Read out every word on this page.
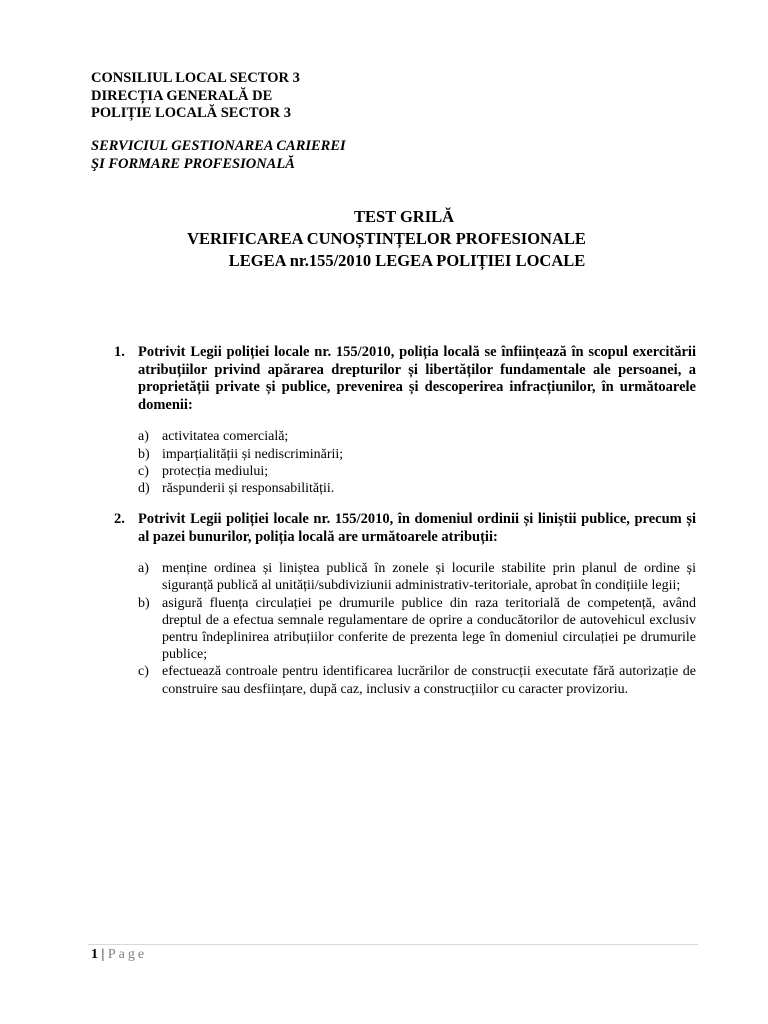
CONSILIUL LOCAL SECTOR 3
DIRECȚIA GENERALĂ DE
POLIȚIE LOCALĂ SECTOR 3
SERVICIUL GESTIONAREA CARIEREI
ŞI FORMARE PROFESIONALĂ
TEST GRILĂ
VERIFICAREA CUNOȘTINȚELOR PROFESIONALE
LEGEA nr.155/2010 LEGEA POLIȚIEI LOCALE
1. Potrivit Legii poliției locale nr. 155/2010, poliția locală se înființează în scopul exercitării atribuțiilor privind apărarea drepturilor și libertăților fundamentale ale persoanei, a proprietății private și publice, prevenirea și descoperirea infracțiunilor, în următoarele domenii:
a) activitatea comercială;
b) imparțialității și nediscriminării;
c) protecția mediului;
d) răspunderii și responsabilității.
2. Potrivit Legii poliției locale nr. 155/2010, în domeniul ordinii și liniștii publice, precum și al pazei bunurilor, poliția locală are următoarele atribuții:
a) menține ordinea și liniștea publică în zonele și locurile stabilite prin planul de ordine și siguranță publică al unității/subdiviziunii administrativ-teritoriale, aprobat în condițiile legii;
b) asigură fluența circulației pe drumurile publice din raza teritorială de competență, având dreptul de a efectua semnale regulamentare de oprire a conducătorilor de autovehicul exclusiv pentru îndeplinirea atribuțiilor conferite de prezenta lege în domeniul circulației pe drumurile publice;
c) efectuează controale pentru identificarea lucrărilor de construcții executate fără autorizație de construire sau desființare, după caz, inclusiv a construcțiilor cu caracter provizoriu.
1 | Page
